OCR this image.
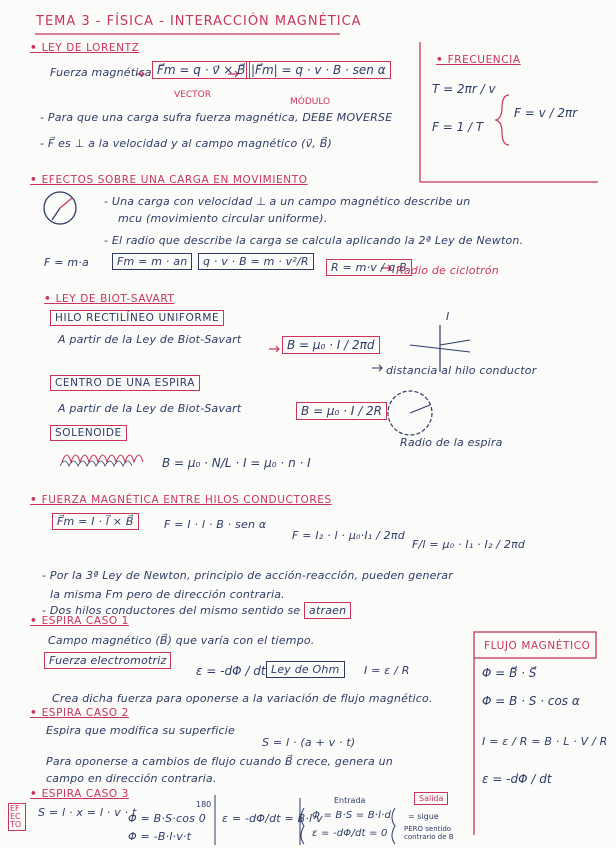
TEMA 3 - FÍSICA - INTERACCIÓN MAGNÉTICA
• LEY DE LORENTZ
Fuerza magnética F⃗m = q · v⃗ × B⃗
VECTOR
|F⃗m| = q · v · B · sen α
MÓDULO
- Para que una carga sufra fuerza magnética, DEBE MOVERSE
- F⃗ es ⊥ a la velocidad y al campo magnético (v⃗, B⃗)
• FRECUENCIA
T = 2πr / v
F = 1 / T
F = v / 2πr
• EFECTOS SOBRE UNA CARGA EN MOVIMIENTO
- Una carga con velocidad ⊥ a un campo magnético describe un
mcu (movimiento circular uniforme).
- El radio que describe la carga se calcula aplicando la 2ª Ley de Newton.
F = m·a	Fm = m · an	q · v · B = m · v²/R	R = m·v / q·B
Radio de ciclotrón
• LEY DE BIOT-SAVART
HILO RECTILÍNEO UNIFORME
A partir de la Ley de Biot-Savart	B = μ₀ · I / 2πd
distancia al hilo conductor
I
CENTRO DE UNA ESPIRA
A partir de la Ley de Biot-Savart	B = μ₀ · I / 2R
Radio de la espira
SOLENOIDE
B = μ₀ · N/L · I = μ₀ · n · I
• FUERZA MAGNÉTICA ENTRE HILOS CONDUCTORES
F⃗m = I · l⃗ × B⃗	F = I · l · B · sen α
F = I₂ · l · μ₀·I₁ / 2πd
F/l = μ₀ · I₁ · I₂ / 2πd
- Por la 3ª Ley de Newton, principio de acción-reacción, pueden generar
la misma Fm pero de dirección contraria.
- Dos hilos conductores del mismo sentido se atraen
• ESPIRA CASO 1
Campo magnético (B⃗) que varía con el tiempo.
Fuerza electromotriz
ε = -dΦ / dt Ley de Ohm	I = ε / R
Crea dicha fuerza para oponerse a la variación de flujo magnético.
FLUJO MAGNÉTICO
Φ = B⃗ · S⃗
Φ = B · S · cos α
I = ε / R = B · L · V / R
ε = -dΦ / dt
• ESPIRA CASO 2
Espira que modifica su superficie
S = l · (a + v · t)
Para oponerse a cambios de flujo cuando B⃗ crece, genera un
campo en dirección contraria.
• ESPIRA CASO 3
EFECTO
S = l · x = l · v · t
Φ = B·S·cos 0
180
Φ = -B·l·v·t
ε = -dΦ/dt = B·l·v
Entrada
Φ = B·S = B·l·d
ε = -dΦ/dt = 0
Salida
= sigue
PERO sentido contrario de B
